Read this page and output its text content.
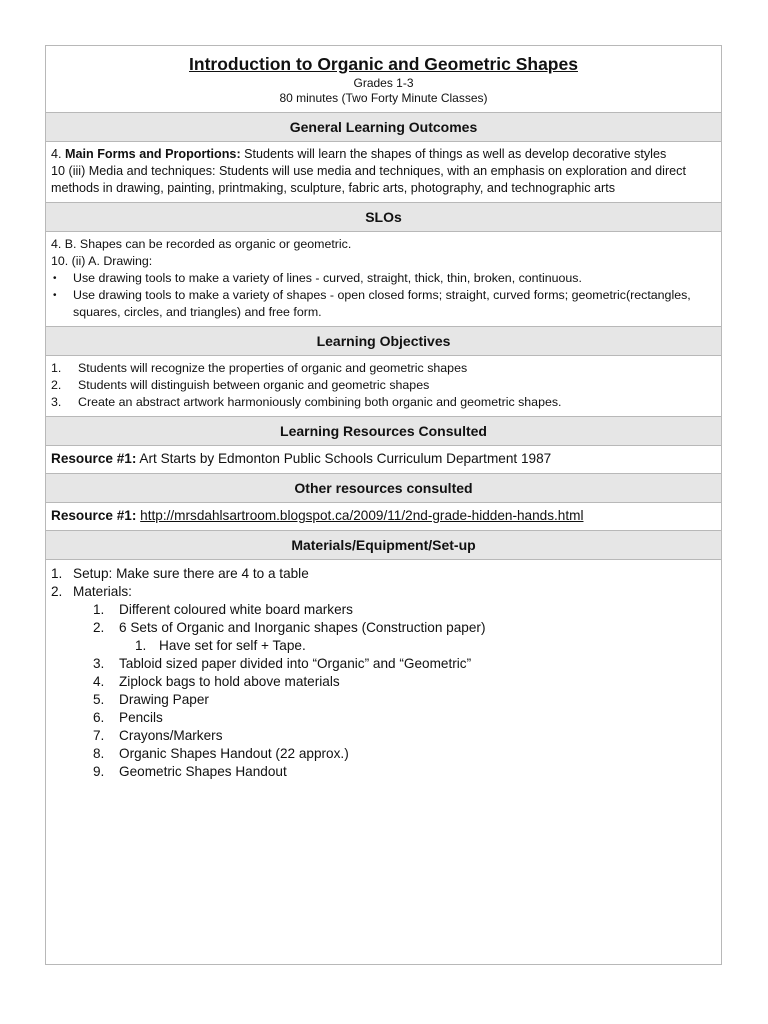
Introduction to Organic and Geometric Shapes
Grades 1-3
80 minutes (Two Forty Minute Classes)
General Learning Outcomes

4. Main Forms and Proportions: Students will learn the shapes of things as well as develop decorative styles

10 (iii) Media and techniques: Students will use media and techniques, with an emphasis on exploration and direct methods in drawing, painting, printmaking, sculpture, fabric arts, photography, and technographic arts

SLOs

4. B. Shapes can be recorded as organic or geometric.

10. (ii) A. Drawing:

• Use drawing tools to make a variety of lines - curved, straight, thick, thin, broken, continuous.
• Use drawing tools to make a variety of shapes - open closed forms; straight, curved forms; geometric(rectangles, squares, circles, and triangles) and free form.
Learning Objectives
1. Students will recognize the properties of organic and geometric shapes
2. Students will distinguish between organic and geometric shapes
3. Create an abstract artwork harmoniously combining both organic and geometric shapes.
Learning Resources Consulted
Resource #1: Art Starts by Edmonton Public Schools Curriculum Department 1987
Other resources consulted
Resource #1: http://mrsdahlsartroom.blogspot.ca/2009/11/2nd-grade-hidden-hands.html
Materials/Equipment/Set-up
1. Setup: Make sure there are 4 to a table
2. Materials:
1. Different coloured white board markers
2. 6 Sets of Organic and Inorganic shapes (Construction paper)
1. Have set for self + Tape.
3. Tabloid sized paper divided into “Organic” and “Geometric”
4. Ziplock bags to hold above materials
5. Drawing Paper
6. Pencils
7. Crayons/Markers
8. Organic Shapes Handout (22 approx.)
9. Geometric Shapes Handout
